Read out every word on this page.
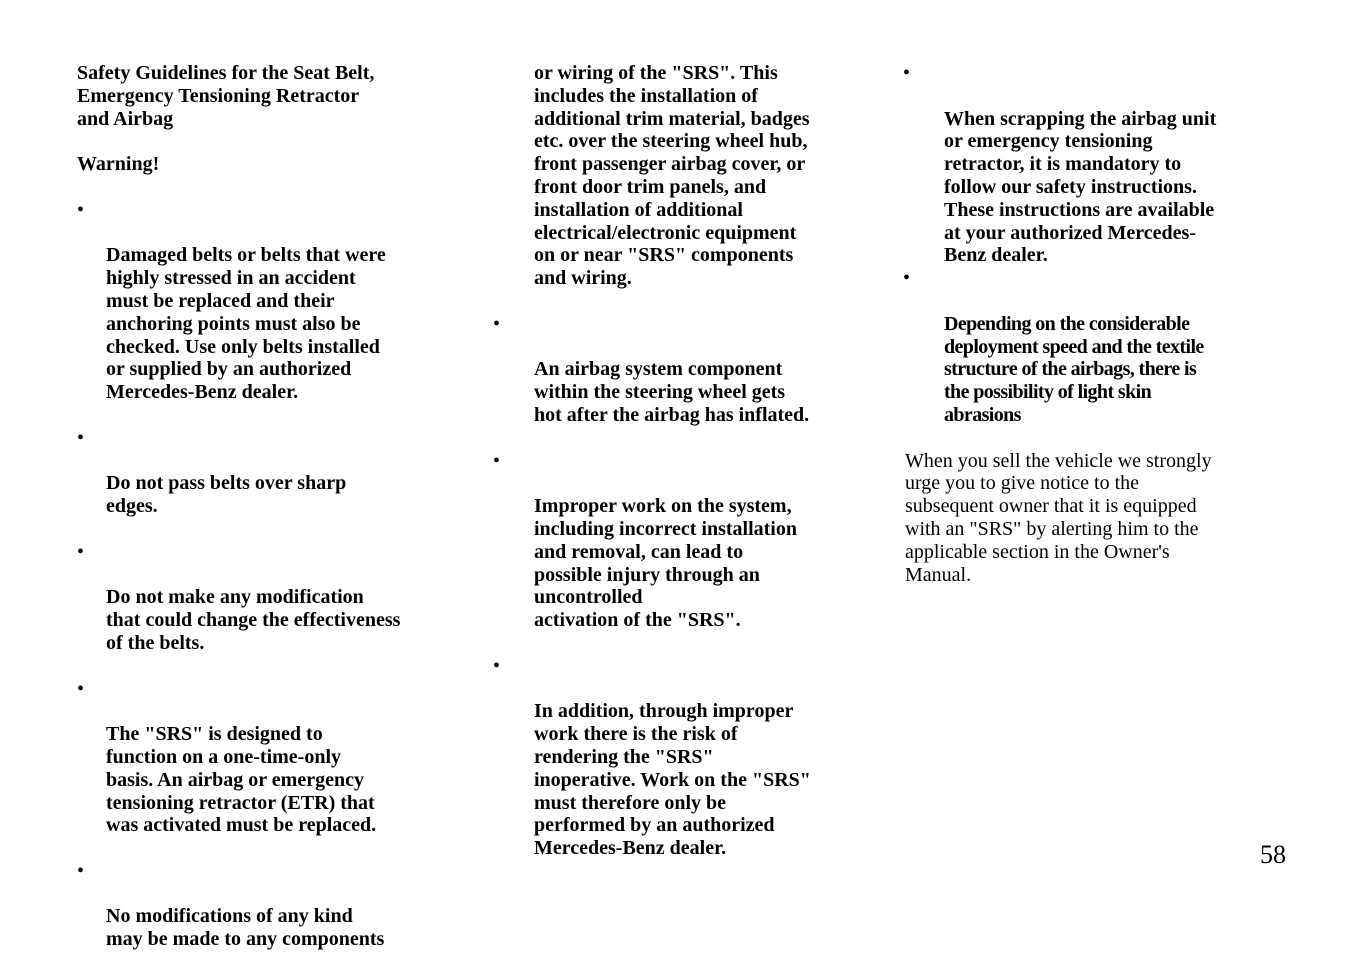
Safety Guidelines for the Seat Belt,
Emergency Tensioning Retractor
and Airbag
Warning!

•

Damaged belts or belts that were
highly stressed in an accident
must be replaced and their
anchoring points must also be
checked. Use only belts installed
or supplied by an authorized
Mercedes-Benz dealer.

•

Do not pass belts over sharp
edges.

•

Do not make any modification
that could change the effectiveness
of the belts.

•

The "SRS" is designed to
function on a one-time-only
basis. An airbag or emergency
tensioning retractor (ETR) that
was activated must be replaced.

•

No modifications of any kind
may be made to any components

or wiring of the "SRS". This
includes the installation of
additional trim material, badges
etc. over the steering wheel hub,
front passenger airbag cover, or
front door trim panels, and
installation of additional
electrical/electronic equipment
on or near "SRS" components
and wiring.

•

An airbag system component
within the steering wheel gets
hot after the airbag has inflated.

•

Improper work on the system,
including incorrect installation
and removal, can lead to
possible injury through an
uncontrolled
activation of the "SRS".

•

In addition, through improper
work there is the risk of
rendering the "SRS"
inoperative. Work on the "SRS"
must therefore only be
performed by an authorized
Mercedes-Benz dealer.

•

When scrapping the airbag unit
or emergency tensioning
retractor, it is mandatory to
follow our safety instructions.
These instructions are available
at your authorized Mercedes-
Benz dealer.

•

Depending on the considerable
deployment speed and the textile
structure of the airbags, there is
the possibility of light skin
abrasions

When you sell the vehicle we strongly
urge you to give notice to the
subsequent owner that it is equipped
with an "SRS" by alerting him to the
applicable section in the Owner's
Manual.
58
